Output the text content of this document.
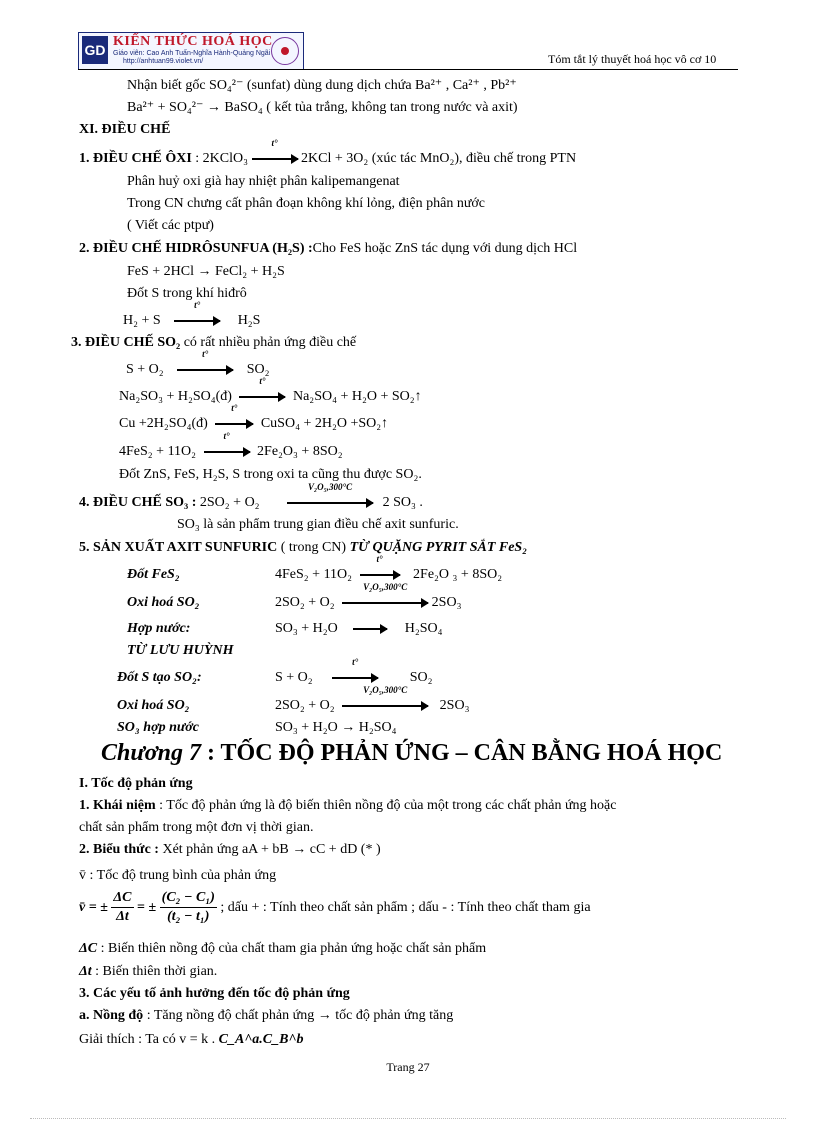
GD
KIẾN THỨC HOÁ HỌC
Giáo viên: Cao Anh Tuấn-Nghĩa Hành-Quảng Ngãi
http://anhtuan99.violet.vn/	Tóm tắt lý thuyết hoá học vô cơ 10
Nhận biết gốc SO₄²⁻ (sunfat) dùng dung dịch chứa Ba²⁺ , Ca²⁺ , Pb²⁺
Ba²⁺ + SO₄²⁻ → BaSO₄ ( kết tủa trắng, không tan trong nước và axit)
XI. ĐIỀU CHẾ
1. ĐIỀU CHẾ ÔXI : 2KClO₃
t°
2KCl + 3O₂ (xúc tác MnO₂), điều chế trong PTN
Phân huỷ oxi già hay nhiệt phân kalipemangenat
Trong CN chưng cất phân đoạn không khí lỏng, điện phân nước
( Viết các ptpư)
2. ĐIỀU CHẾ HIDRÔSUNFUA (H₂S) :Cho FeS hoặc ZnS tác dụng với dung dịch HCl
FeS + 2HCl → FeCl₂ + H₂S
Đốt S trong khí hiđrô
H₂ + S
t°
H₂S
3. ĐIỀU CHẾ SO₂ có rất nhiều phản ứng điều chế
S + O₂
t°
SO₂
Na₂SO₃ + H₂SO₄(đ)
t°
Na₂SO₄ + H₂O + SO₂↑
Cu +2H₂SO₄(đ)
t°
CuSO₄ + 2H₂O +SO₂↑
4FeS₂ + 11O₂
t°
2Fe₂O₃ + 8SO₂
Đốt ZnS, FeS, H₂S, S trong oxi ta cũng thu được SO₂.
4. ĐIỀU CHẾ SO₃ : 2SO₂ + O₂
V₂O₅,300°C
2 SO₃ .
SO₃ là sản phẩm trung gian điều chế axit sunfuric.
5. SẢN XUẤT AXIT SUNFURIC ( trong CN) TỪ QUẶNG PYRIT SẮT FeS₂
Đốt FeS₂	4FeS₂ + 11O₂
t°
2Fe₂O ₃ + 8SO₂
Oxi hoá SO₂	2SO₂ + O₂
V₂O₅,300°C
2SO₃
Hợp nước:	SO₃ + H₂O → H₂SO₄
TỪ LƯU HUỲNH
Đốt S tạo SO₂:	S + O₂
t°
SO₂
Oxi hoá SO₂	2SO₂ + O₂
V₂O₅,300°C
2SO₃
SO₃ hợp nước	SO₃ + H₂O → H₂SO₄
Chương 7 : TỐC ĐỘ PHẢN ỨNG – CÂN BẰNG HOÁ HỌC
I. Tốc độ phản ứng
1. Khái niệm : Tốc độ phản ứng là độ biến thiên nồng độ của một trong các chất phản ứng hoặc
chất sản phẩm trong một đơn vị thời gian.
2. Biểu thức : Xét phản ứng aA + bB → cC + dD (* )
v̄ : Tốc độ trung bình của phản ứng
v̄ = ± $\frac{\Delta C}{\Delta t}$ = ± $\frac{\text{(C₂ − C₁)}}{\text{(t₂ − t₁)}}$ ; dấu + : Tính theo chất sản phẩm ; dấu - : Tính theo chất tham gia
ΔC : Biến thiên nồng độ của chất tham gia phản ứng hoặc chất sản phẩm
Δt : Biến thiên thời gian.
3. Các yếu tố ảnh hưởng đến tốc độ phản ứng
a. Nồng độ : Tăng nồng độ chất phản ứng → tốc độ phản ứng tăng
Giải thích : Ta có v = k . C_A^a.C_B^b
Trang 27
